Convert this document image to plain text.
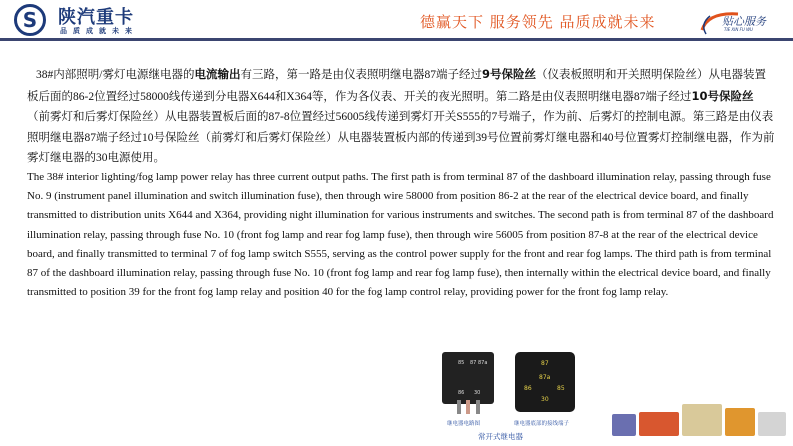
S	陕汽重卡
品质成就未来	德赢天下 服务领先 品质成就未来	贴心服务
TIE XIN FU WU
38#内部照明/雾灯电源继电器的电流输出有三路，第一路是由仪表照明继电器87端子经过9号保险丝（仪表板照明和开关照明保险丝）从电器装置板后面的86-2位置经过58000线传递到分电器X644和X364等，作为各仪表、开关的夜光照明。第二路是由仪表照明继电器87端子经过10号保险丝（前雾灯和后雾灯保险丝）从电器装置板后面的87-8位置经过56005线传递到雾灯开关S555的7号端子，作为前、后雾灯的控制电源。第三路是由仪表照明继电器87端子经过10号保险丝（前雾灯和后雾灯保险丝）从电器装置板内部的传递到39号位置前雾灯继电器和40号位置雾灯控制继电器，作为前雾灯继电器的30电源使用。
The 38# interior lighting/fog lamp power relay has three current output paths. The first path is from terminal 87 of the dashboard illumination relay, passing through fuse No. 9 (instrument panel illumination and switch illumination fuse), then through wire 58000 from position 86-2 at the rear of the electrical device board, and finally transmitted to distribution units X644 and X364, providing night illumination for various instruments and switches. The second path is from terminal 87 of the dashboard illumination relay, passing through fuse No. 10 (front fog lamp and rear fog lamp fuse), then through wire 56005 from position 87-8 at the rear of the electrical device board, and finally transmitted to terminal 7 of fog lamp switch S555, serving as the control power supply for the front and rear fog lamps. The third path is from terminal 87 of the dashboard illumination relay, passing through fuse No. 10 (front fog lamp and rear fog lamp fuse), then internally within the electrical device board, and finally transmitted to position 39 for the front fog lamp relay and position 40 for the fog lamp control relay, providing power for the front fog lamp relay.
85 87 87a
86 30
87
87a
86	85
30
继电器电路图	继电器底部的接线端子
常开式继电器
